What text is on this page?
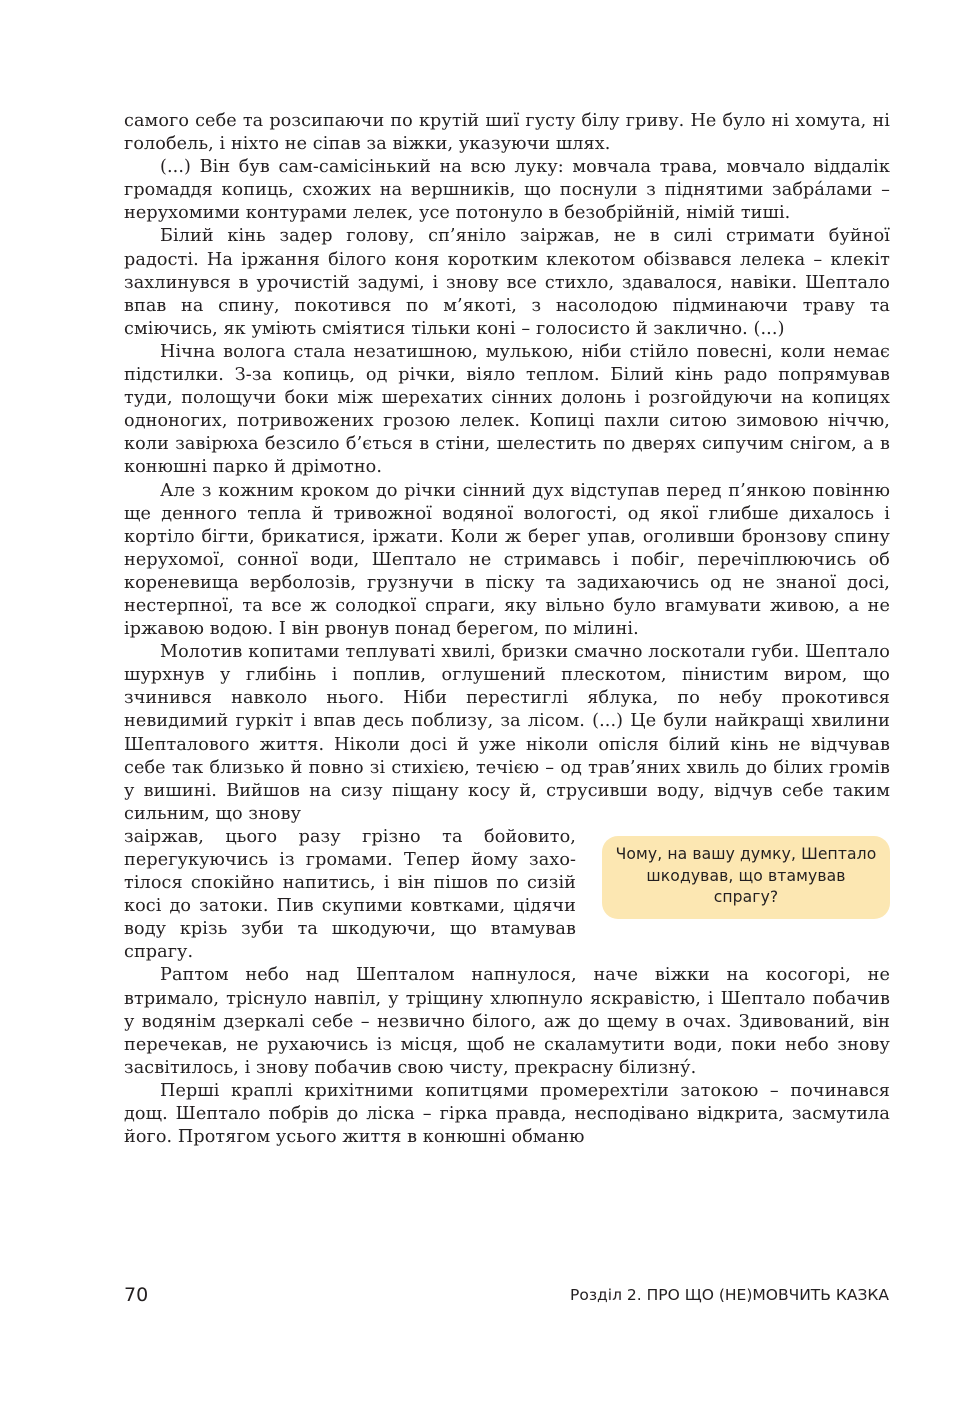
самого себе та розсипаючи по крутій шиї густу білу гриву. Не було ні хомута, ні голобель, і ніхто не сіпав за віжки, указуючи шлях.

(...) Він був сам-самісінький на всю луку: мовчала трава, мовчало віддалік громаддя копиць, схожих на вершників, що поснули з піднятими забра́лами – нерухомими контурами лелек, усе потонуло в безобрійній, німій тиші.

Білий кінь задер голову, сп’яніло заіржав, не в силі стримати буйної радості. На іржання білого коня коротким клекотом обізвався лелека – клекіт захлинувся в урочистій задумі, і знову все стихло, здавалося, навіки. Шептало впав на спину, покотився по м’якоті, з насолодою підминаючи траву та сміючись, як уміють сміятися тільки коні – голосисто й заклично. (...)

Нічна волога стала незатишною, мулькою, ніби стійло повесні, коли немає підстилки. З-за копиць, од річки, віяло теплом. Білий кінь радо попрямував туди, полощучи боки між шерехатих сінних долонь і розгойдуючи на копицях одноногих, потривожених грозою лелек. Копиці пахли ситою зимовою ніччю, коли завірюха безсило б’ється в стіни, шелестить по дверях сипучим снігом, а в конюшні парко й дрімотно.

Але з кожним кроком до річки сінний дух відступав перед п’янкою повінню ще денного тепла й тривожної водяної вологості, од якої глибше дихалось і кортіло бігти, брикатися, іржати. Коли ж берег упав, оголивши бронзову спину нерухомої, сонної води, Шептало не стримавсь і побіг, перечіплюючись об кореневища верболозів, грузнучи в піску та задихаючись од не знаної досі, нестерпної, та все ж солодкої спраги, яку вільно було вгамувати живою, а не іржавою водою. І він рвонув понад берегом, по мілині.

Молотив копитами теплуваті хвилі, бризки смачно лоскотали губи. Шептало шурхнув у глибінь і поплив, оглушений плескотом, пінистим виром, що зчинився навколо нього. Ніби перестиглі яблука, по небу прокотився невидимий гуркіт і впав десь поблизу, за лісом. (...) Це були найкращі хвилини Шепталового життя. Ніколи досі й уже ніколи опісля білий кінь не відчував себе так близько й повно зі стихією, течією – од трав’яних хвиль до білих громів у вишині. Вийшов на сизу піщану косу й, струсивши воду, відчув себе таким сильним, що знову

Чому, на вашу думку, Шептало шкодував, що втамував спрагу?

заіржав, цього разу грізно та бойовито, перегукуючись із громами. Тепер йому захотілося спокійно напитись, і він пішов по сизій косі до затоки. Пив скупими ковтками, цідячи воду крізь зуби та шкодуючи, що втамував спрагу.

Раптом небо над Шепталом напнулося, наче віжки на косогорі, не втримало, тріснуло навпіл, у тріщину хлюпнуло яскравістю, і Шептало побачив у водянім дзеркалі себе – незвично білого, аж до щему в очах. Здивований, він перечекав, не рухаючись із місця, щоб не скаламутити води, поки небо знову засвітилось, і знову побачив свою чисту, прекрасну білизну́.

Перші краплі крихітними копитцями промерехтіли затокою – починався дощ. Шептало побрів до ліска – гірка правда, несподівано відкрита, засмутила його. Протягом усього життя в конюшні обманю

70	Розділ 2. ПРО ЩО (НЕ)МОВЧИТЬ КАЗКА
